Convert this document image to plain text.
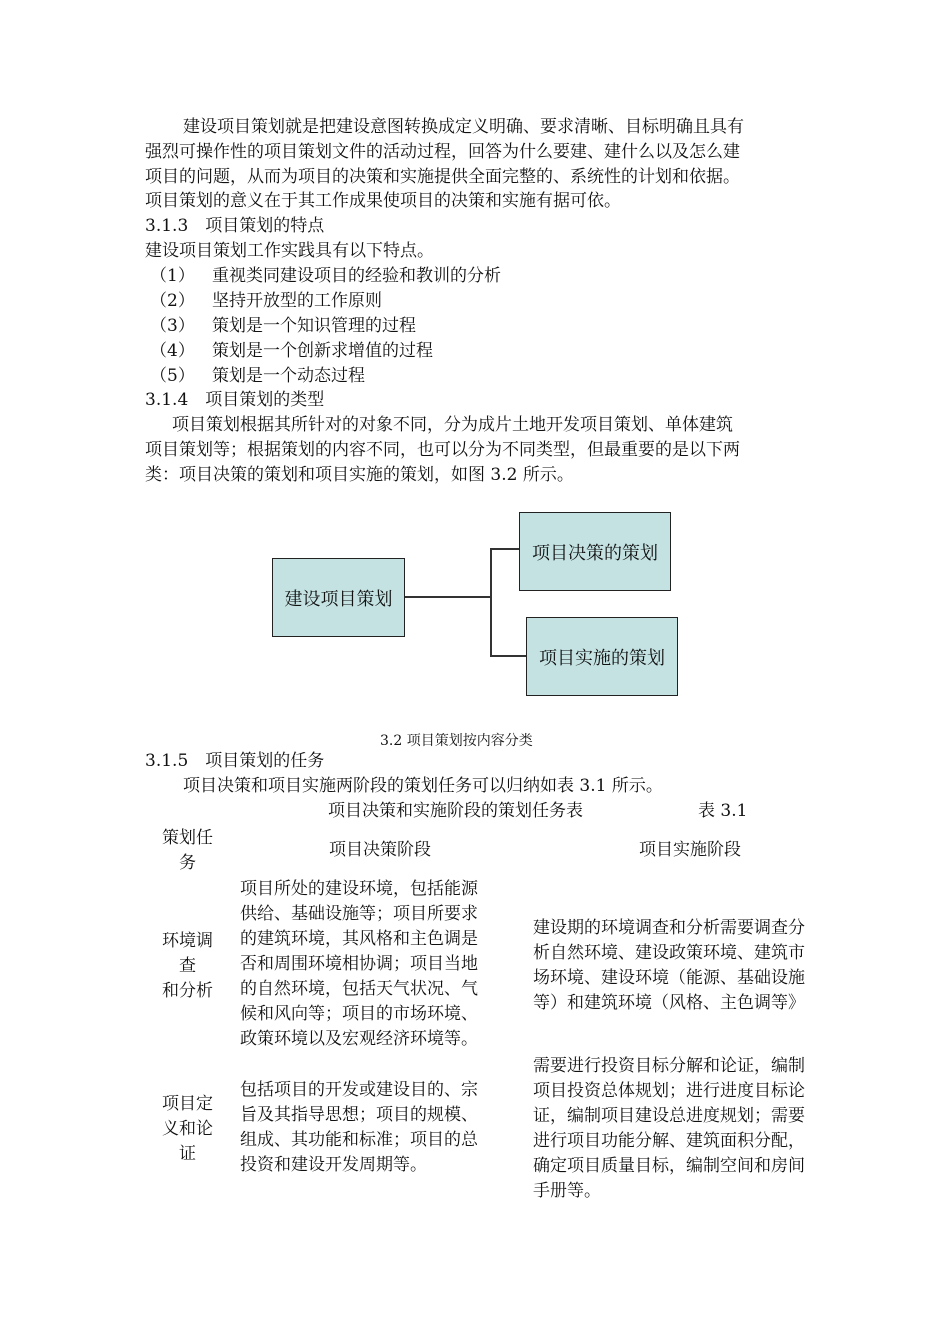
建设项目策划就是把建设意图转换成定义明确、要求清晰、目标明确且具有
强烈可操作性的项目策划文件的活动过程，回答为什么要建、建什么以及怎么建
项目的问题，从而为项目的决策和实施提供全面完整的、系统性的计划和依据。
项目策划的意义在于其工作成果使项目的决策和实施有据可依。
3.1.3　项目策划的特点
建设项目策划工作实践具有以下特点。
（1） 重视类同建设项目的经验和教训的分析
（2） 坚持开放型的工作原则
（3） 策划是一个知识管理的过程
（4） 策划是一个创新求增值的过程
（5） 策划是一个动态过程
3.1.4　项目策划的类型
项目策划根据其所针对的对象不同，分为成片土地开发项目策划、单体建筑
项目策划等；根据策划的内容不同，也可以分为不同类型，但最重要的是以下两
类：项目决策的策划和项目实施的策划，如图 3.2 所示。
建设项目策划
项目决策的策划
项目实施的策划
3.2 项目策划按内容分类
3.1.5　项目策划的任务
项目决策和项目实施两阶段的策划任务可以归纳如表 3.1 所示。
项目决策和实施阶段的策划任务表	表 3.1
策划任
务
项目决策阶段	项目实施阶段
环境调
查
和分析
项目所处的建设环境，包括能源
供给、基础设施等；项目所要求
的建筑环境，其风格和主色调是
否和周围环境相协调；项目当地
的自然环境，包括天气状况、气
候和风向等；项目的市场环境、
政策环境以及宏观经济环境等。
建设期的环境调查和分析需要调查分
析自然环境、建设政策环境、建筑市
场环境、建设环境（能源、基础设施
等）和建筑环境（风格、主色调等》
项目定
义和论
证
包括项目的开发或建设目的、宗
旨及其指导思想；项目的规模、
组成、其功能和标准；项目的总
投资和建设开发周期等。
需要进行投资目标分解和论证，编制
项目投资总体规划；进行进度目标论
证，编制项目建设总进度规划；需要
进行项目功能分解、建筑面积分配，
确定项目质量目标，编制空间和房间
手册等。
